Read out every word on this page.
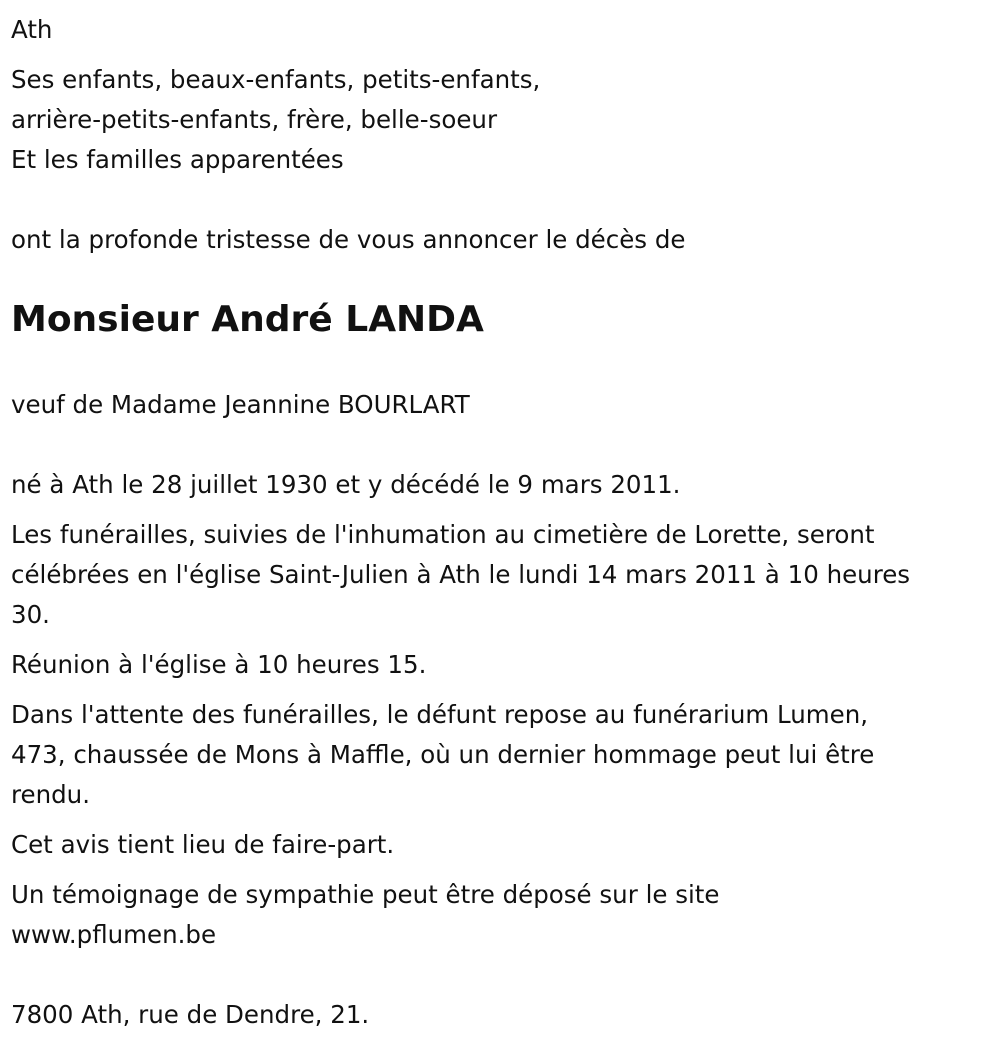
Ath

Ses enfants, beaux-enfants, petits-enfants,

arrière-petits-enfants, frère, belle-soeur

Et les familles apparentées

ont la profonde tristesse de vous annoncer le décès de

Monsieur André LANDA

veuf de Madame Jeannine BOURLART

né à Ath le 28 juillet 1930 et y décédé le 9 mars 2011.

Les funérailles, suivies de l'inhumation au cimetière de Lorette, seront

célébrées en l'église Saint-Julien à Ath le lundi 14 mars 2011 à 10 heures

30.

Réunion à l'église à 10 heures 15.

Dans l'attente des funérailles, le défunt repose au funérarium Lumen,

473, chaussée de Mons à Maffle, où un dernier hommage peut lui être

rendu.

Cet avis tient lieu de faire-part.

Un témoignage de sympathie peut être déposé sur le site

www.pflumen.be

7800 Ath, rue de Dendre, 21.
